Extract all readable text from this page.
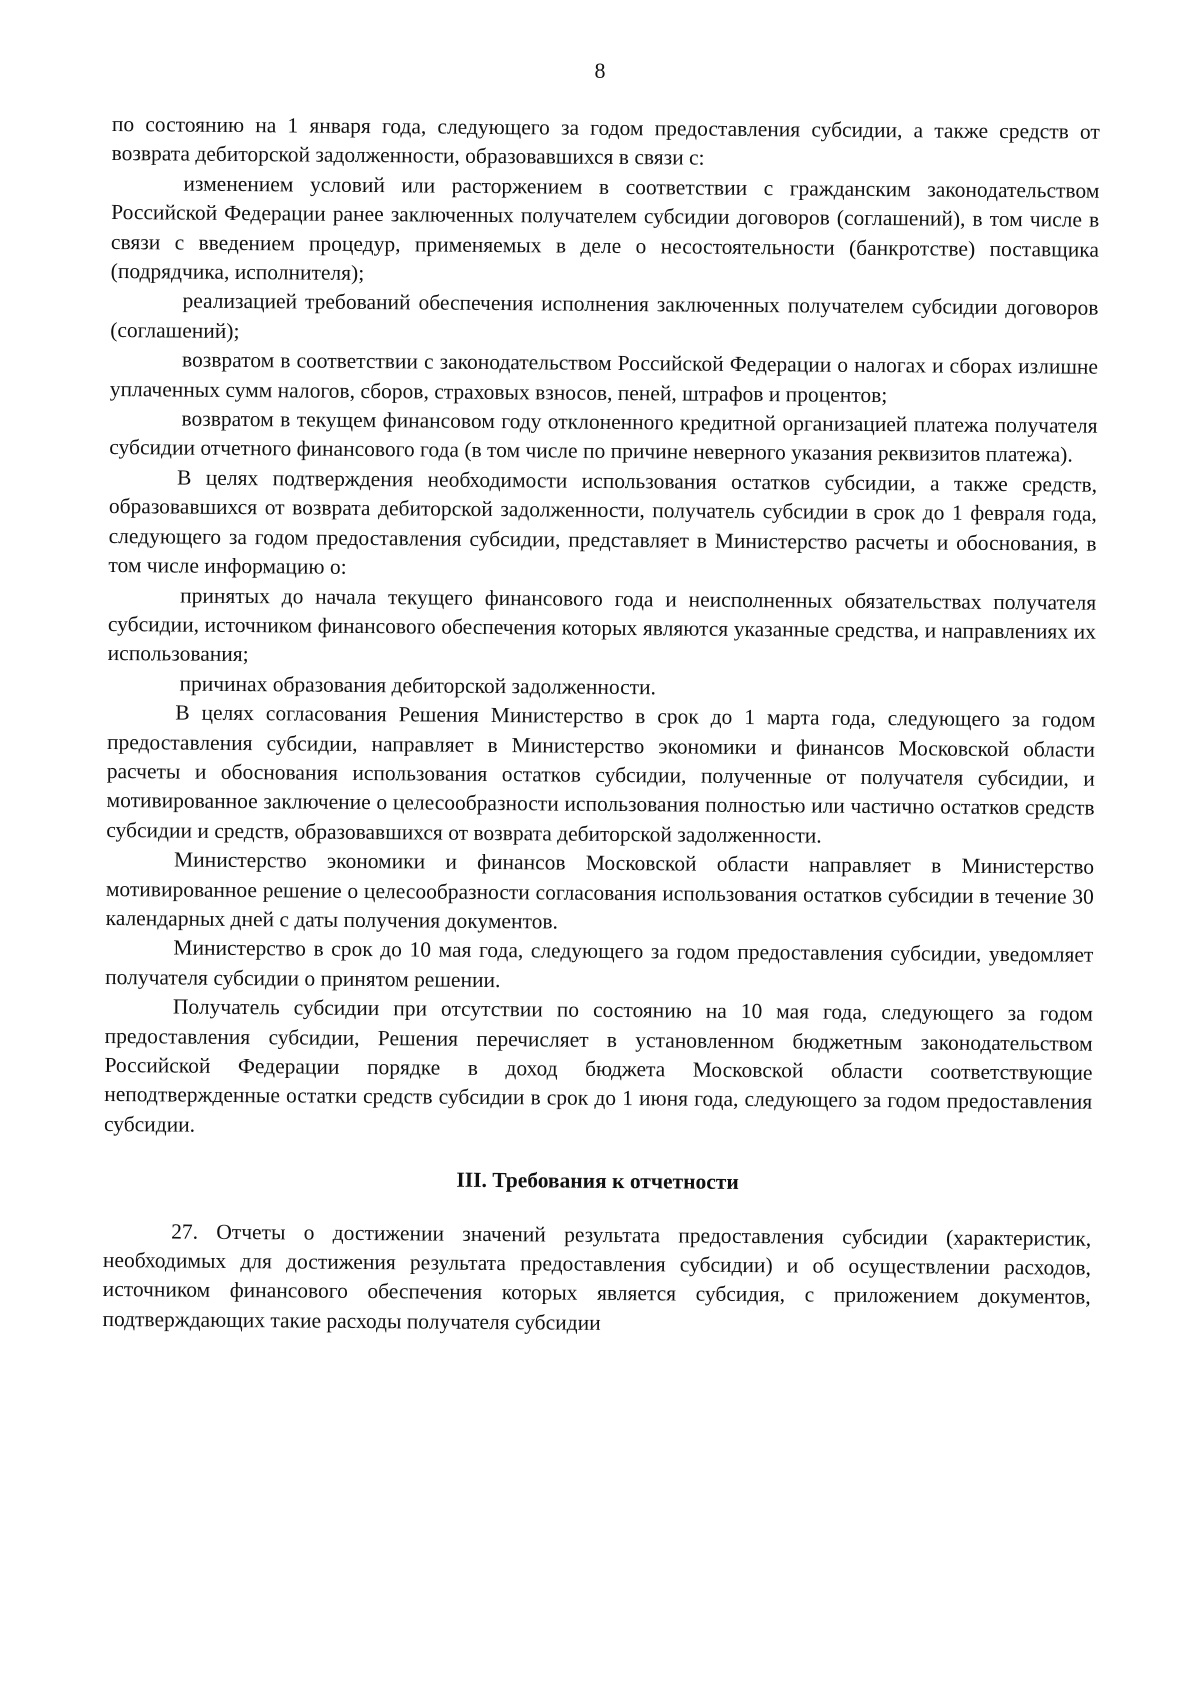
8

по состоянию на 1 января года, следующего за годом предоставления субсидии, а также средств от возврата дебиторской задолженности, образовавшихся в связи с:

изменением условий или расторжением в соответствии с гражданским законодательством Российской Федерации ранее заключенных получателем субсидии договоров (соглашений), в том числе в связи с введением процедур, применяемых в деле о несостоятельности (банкротстве) поставщика (подрядчика, исполнителя);

реализацией требований обеспечения исполнения заключенных получателем субсидии договоров (соглашений);

возвратом в соответствии с законодательством Российской Федерации о налогах и сборах излишне уплаченных сумм налогов, сборов, страховых взносов, пеней, штрафов и процентов;

возвратом в текущем финансовом году отклоненного кредитной организацией платежа получателя субсидии отчетного финансового года (в том числе по причине неверного указания реквизитов платежа).

В целях подтверждения необходимости использования остатков субсидии, а также средств, образовавшихся от возврата дебиторской задолженности, получатель субсидии в срок до 1 февраля года, следующего за годом предоставления субсидии, представляет в Министерство расчеты и обоснования, в том числе информацию о:

принятых до начала текущего финансового года и неисполненных обязательствах получателя субсидии, источником финансового обеспечения которых являются указанные средства, и направлениях их использования;

причинах образования дебиторской задолженности.

В целях согласования Решения Министерство в срок до 1 марта года, следующего за годом предоставления субсидии, направляет в Министерство экономики и финансов Московской области расчеты и обоснования использования остатков субсидии, полученные от получателя субсидии, и мотивированное заключение о целесообразности использования полностью или частично остатков средств субсидии и средств, образовавшихся от возврата дебиторской задолженности.

Министерство экономики и финансов Московской области направляет в Министерство мотивированное решение о целесообразности согласования использования остатков субсидии в течение 30 календарных дней с даты получения документов.

Министерство в срок до 10 мая года, следующего за годом предоставления субсидии, уведомляет получателя субсидии о принятом решении.

Получатель субсидии при отсутствии по состоянию на 10 мая года, следующего за годом предоставления субсидии, Решения перечисляет в установленном бюджетным законодательством Российской Федерации порядке в доход бюджета Московской области соответствующие неподтвержденные остатки средств субсидии в срок до 1 июня года, следующего за годом предоставления субсидии.

III. Требования к отчетности

27. Отчеты о достижении значений результата предоставления субсидии (характеристик, необходимых для достижения результата предоставления субсидии) и об осуществлении расходов, источником финансового обеспечения которых является субсидия, с приложением документов, подтверждающих такие расходы получателя субсидии
